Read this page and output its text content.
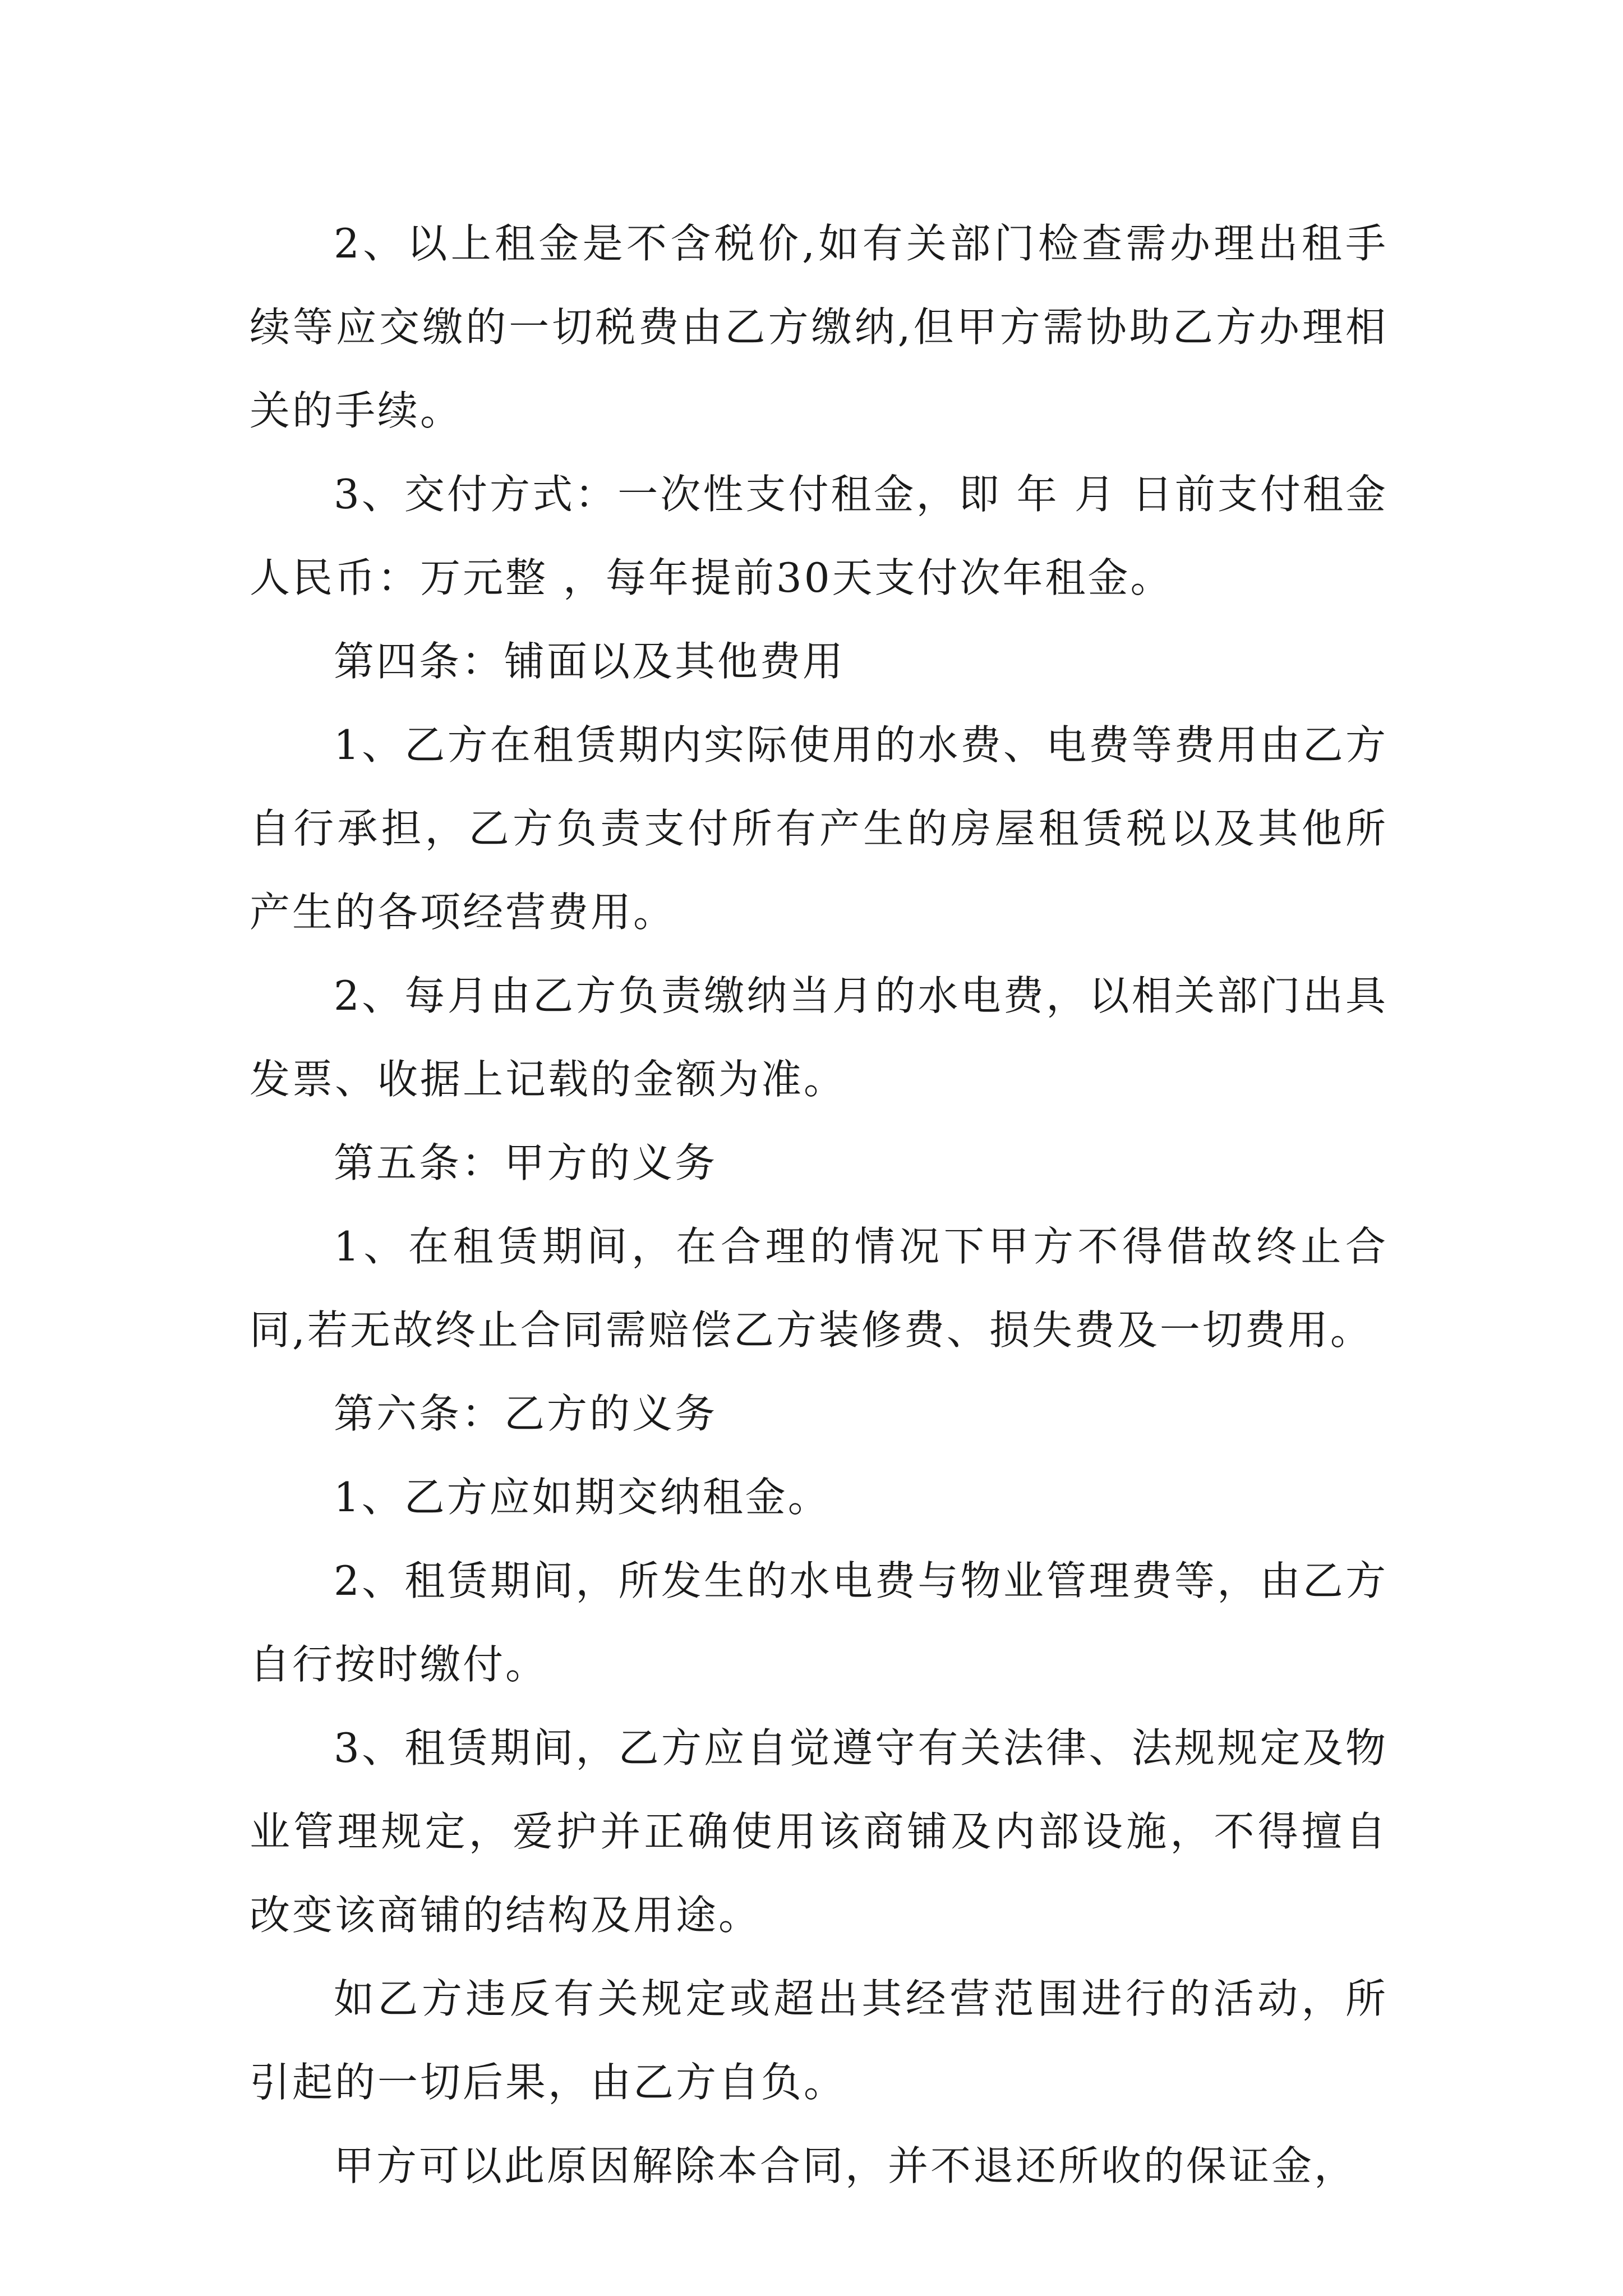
2、以上租金是不含税价,如有关部门检查需办理出租手续等应交缴的一切税费由乙方缴纳,但甲方需协助乙方办理相关的手续。

3、交付方式：一次性支付租金，即 年 月 日前支付租金人民币：万元整 ，每年提前30天支付次年租金。

第四条：铺面以及其他费用

1、乙方在租赁期内实际使用的水费、电费等费用由乙方自行承担，乙方负责支付所有产生的房屋租赁税以及其他所产生的各项经营费用。

2、每月由乙方负责缴纳当月的水电费，以相关部门出具发票、收据上记载的金额为准。

第五条：甲方的义务

1、在租赁期间，在合理的情况下甲方不得借故终止合同,若无故终止合同需赔偿乙方装修费、损失费及一切费用。

第六条：乙方的义务

1、乙方应如期交纳租金。

2、租赁期间，所发生的水电费与物业管理费等，由乙方自行按时缴付。

3、租赁期间，乙方应自觉遵守有关法律、法规规定及物业管理规定，爱护并正确使用该商铺及内部设施，不得擅自改变该商铺的结构及用途。

如乙方违反有关规定或超出其经营范围进行的活动，所引起的一切后果，由乙方自负。

甲方可以此原因解除本合同，并不退还所收的保证金，
